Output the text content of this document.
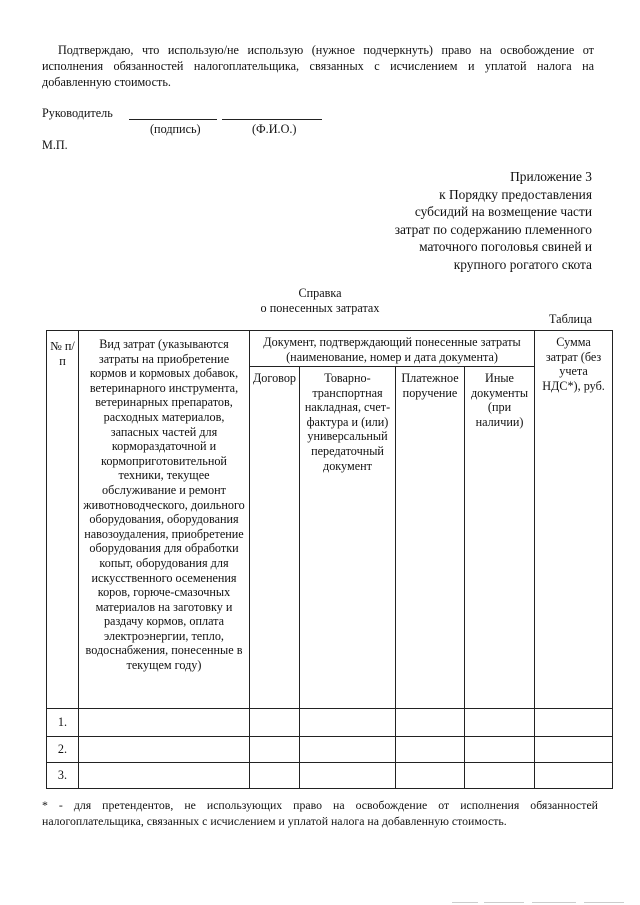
Подтверждаю, что использую/не использую (нужное подчеркнуть) право на освобождение от исполнения обязанностей налогоплательщика, связанных с исчислением и уплатой налога на добавленную стоимость.
Руководитель
(подпись)	(Ф.И.О.)
М.П.
Приложение 3
к Порядку предоставления
субсидий на возмещение части
затрат по содержанию племенного
маточного поголовья свиней и
крупного рогатого скота
Справка
о понесенных затратах
Таблица
№ п/п	Вид затрат (указываются затраты на приобретение кормов и кормовых добавок, ветеринарного инструмента, ветеринарных препаратов, расходных материалов, запасных частей для кормораздаточной и кормоприготовительной техники, текущее обслуживание и ремонт животноводческого, доильного оборудования, оборудования навозоудаления, приобретение оборудования для обработки копыт, оборудования для искусственного осеменения коров, горюче-смазочных материалов на заготовку и раздачу кормов, оплата электроэнергии, тепло, водоснабжения, понесенные в текущем году)	Документ, подтверждающий понесенные затраты (наименование, номер и дата документа)				Сумма затрат (без учета НДС*), руб.
		Договор	Товарно-транспортная накладная, счет-фактура и (или) универсальный передаточный документ	Платежное поручение	Иные документы (при наличии)	
1.						
2.						
3.						
* - для претендентов, не использующих право на освобождение от исполнения обязанностей налогоплательщика, связанных с исчислением и уплатой налога на добавленную стоимость.
